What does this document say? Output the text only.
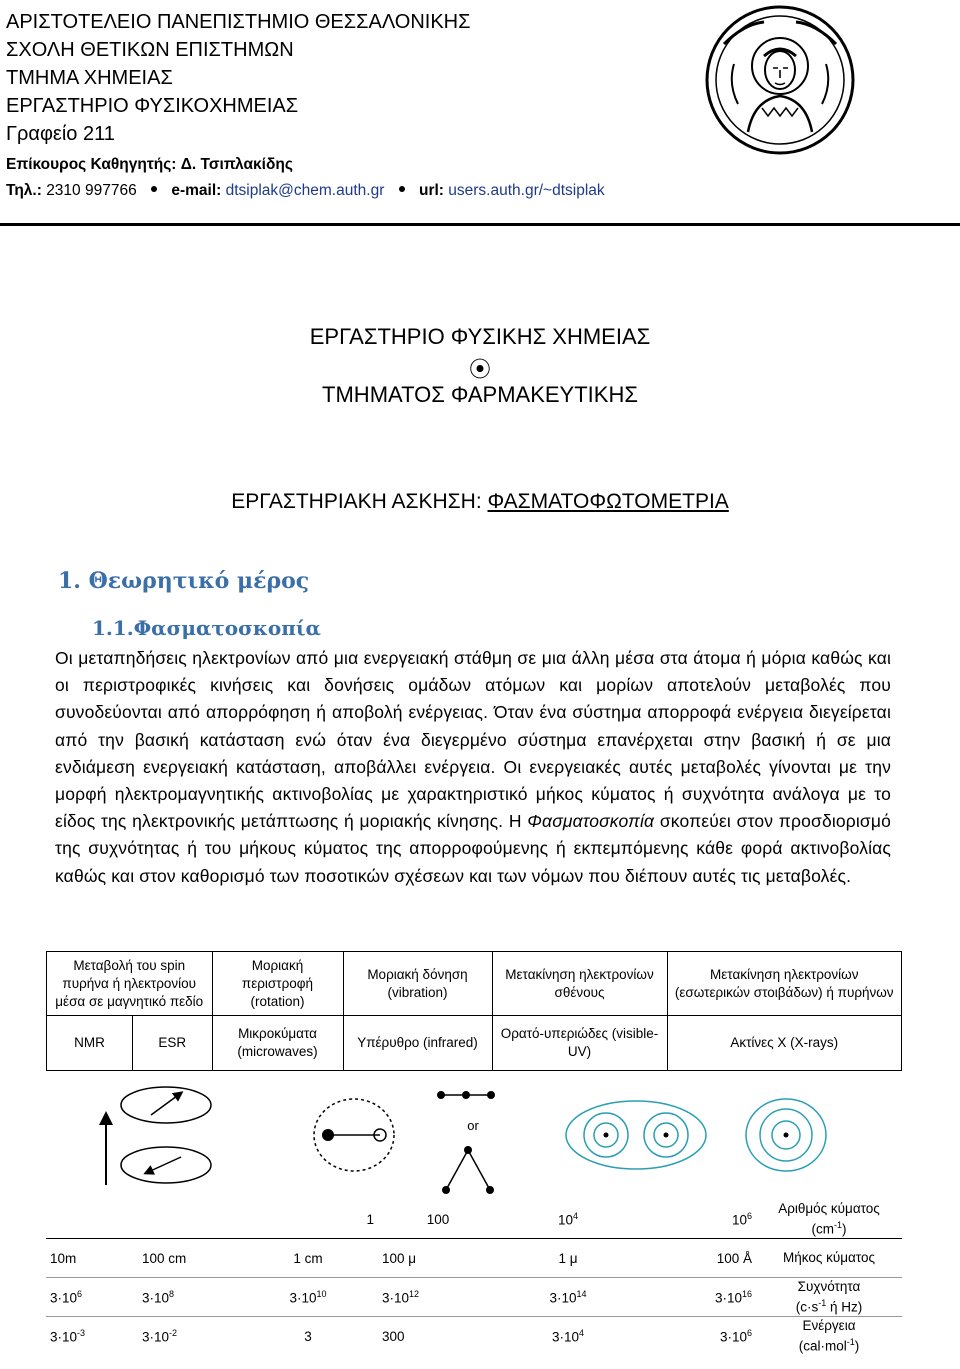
ΑΡΙΣΤΟΤΕΛΕΙΟ ΠΑΝΕΠΙΣΤΗΜΙΟ ΘΕΣΣΑΛΟΝΙΚΗΣ
ΣΧΟΛΗ ΘΕΤΙΚΩΝ ΕΠΙΣΤΗΜΩΝ
ΤΜΗΜΑ ΧΗΜΕΙΑΣ
ΕΡΓΑΣΤΗΡΙΟ ΦΥΣΙΚΟΧΗΜΕΙΑΣ
Γραφείο 211
Επίκουρος Καθηγητής: Δ. Τσιπλακίδης
Τηλ.: 2310 997766 e-mail: dtsiplak@chem.auth.gr url: users.auth.gr/~dtsiplak
ΕΡΓΑΣΤΗΡΙΟ ΦΥΣΙΚΗΣ ΧΗΜΕΙΑΣ
⦿
ΤΜΗΜΑΤΟΣ ΦΑΡΜΑΚΕΥΤΙΚΗΣ
ΕΡΓΑΣΤΗΡΙΑΚΗ ΑΣΚΗΣΗ: ΦΑΣΜΑΤΟΦΩΤΟΜΕΤΡΙΑ
1. Θεωρητικό μέρος
1.1.Φασματοσκοπία
Οι μεταπηδήσεις ηλεκτρονίων από μια ενεργειακή στάθμη σε μια άλλη μέσα στα άτομα ή μόρια καθώς και οι περιστροφικές κινήσεις και δονήσεις ομάδων ατόμων και μορίων αποτελούν μεταβολές που συνοδεύονται από απορρόφηση ή αποβολή ενέργειας. Όταν ένα σύστημα απορροφά ενέργεια διεγείρεται από την βασική κατάσταση ενώ όταν ένα διεγερμένο σύστημα επανέρχεται στην βασική ή σε μια ενδιάμεση ενεργειακή κατάσταση, αποβάλλει ενέργεια. Οι ενεργειακές αυτές μεταβολές γίνονται με την μορφή ηλεκτρομαγνητικής ακτινοβολίας με χαρακτηριστικό μήκος κύματος ή συχνότητα ανάλογα με το είδος της ηλεκτρονικής μετάπτωσης ή μοριακής κίνησης. Η Φασματοσκοπία σκοπεύει στον προσδιορισμό της συχνότητας ή του μήκους κύματος της απορροφούμενης ή εκπεμπόμενης κάθε φορά ακτινοβολίας καθώς και στον καθορισμό των ποσοτικών σχέσεων και των νόμων που διέπουν αυτές τις μεταβολές.
Μεταβολή του spin πυρήνα ή ηλεκτρονίου μέσα σε μαγνητικό πεδίο		Μοριακή περιστροφή (rotation)	Μοριακή δόνηση (vibration)	Μετακίνηση ηλεκτρονίων σθένους	Μετακίνηση ηλεκτρονίων (εσωτερικών στοιβάδων) ή πυρήνων
NMR	ESR	Μικροκύματα (microwaves)	Υπέρυθρο (infrared)	Ορατό-υπεριώδες (visible-UV)	Ακτίνες Χ (X-rays)
or
		1	100	$10^4$	$10^6$	Αριθμός κύματος
$(cm^{-1})$
10m	100 cm	1 cm	100 μ	1 μ	100 Å	Μήκος κύματος
$3\cdot 10^6$	$3\cdot 10^8$	$3\cdot 10^{10}$	$3\cdot 10^{12}$	$3\cdot 10^{14}$	$3\cdot 10^{16}$	Συχνότητα
($c\cdot s^{-1}$ ή Hz)
$3\cdot 10^{-3}$	$3\cdot 10^{-2}$	3	300	$3\cdot 10^4$	$3\cdot 10^6$	Ενέργεια
(cal·mol$^{-1}$)
